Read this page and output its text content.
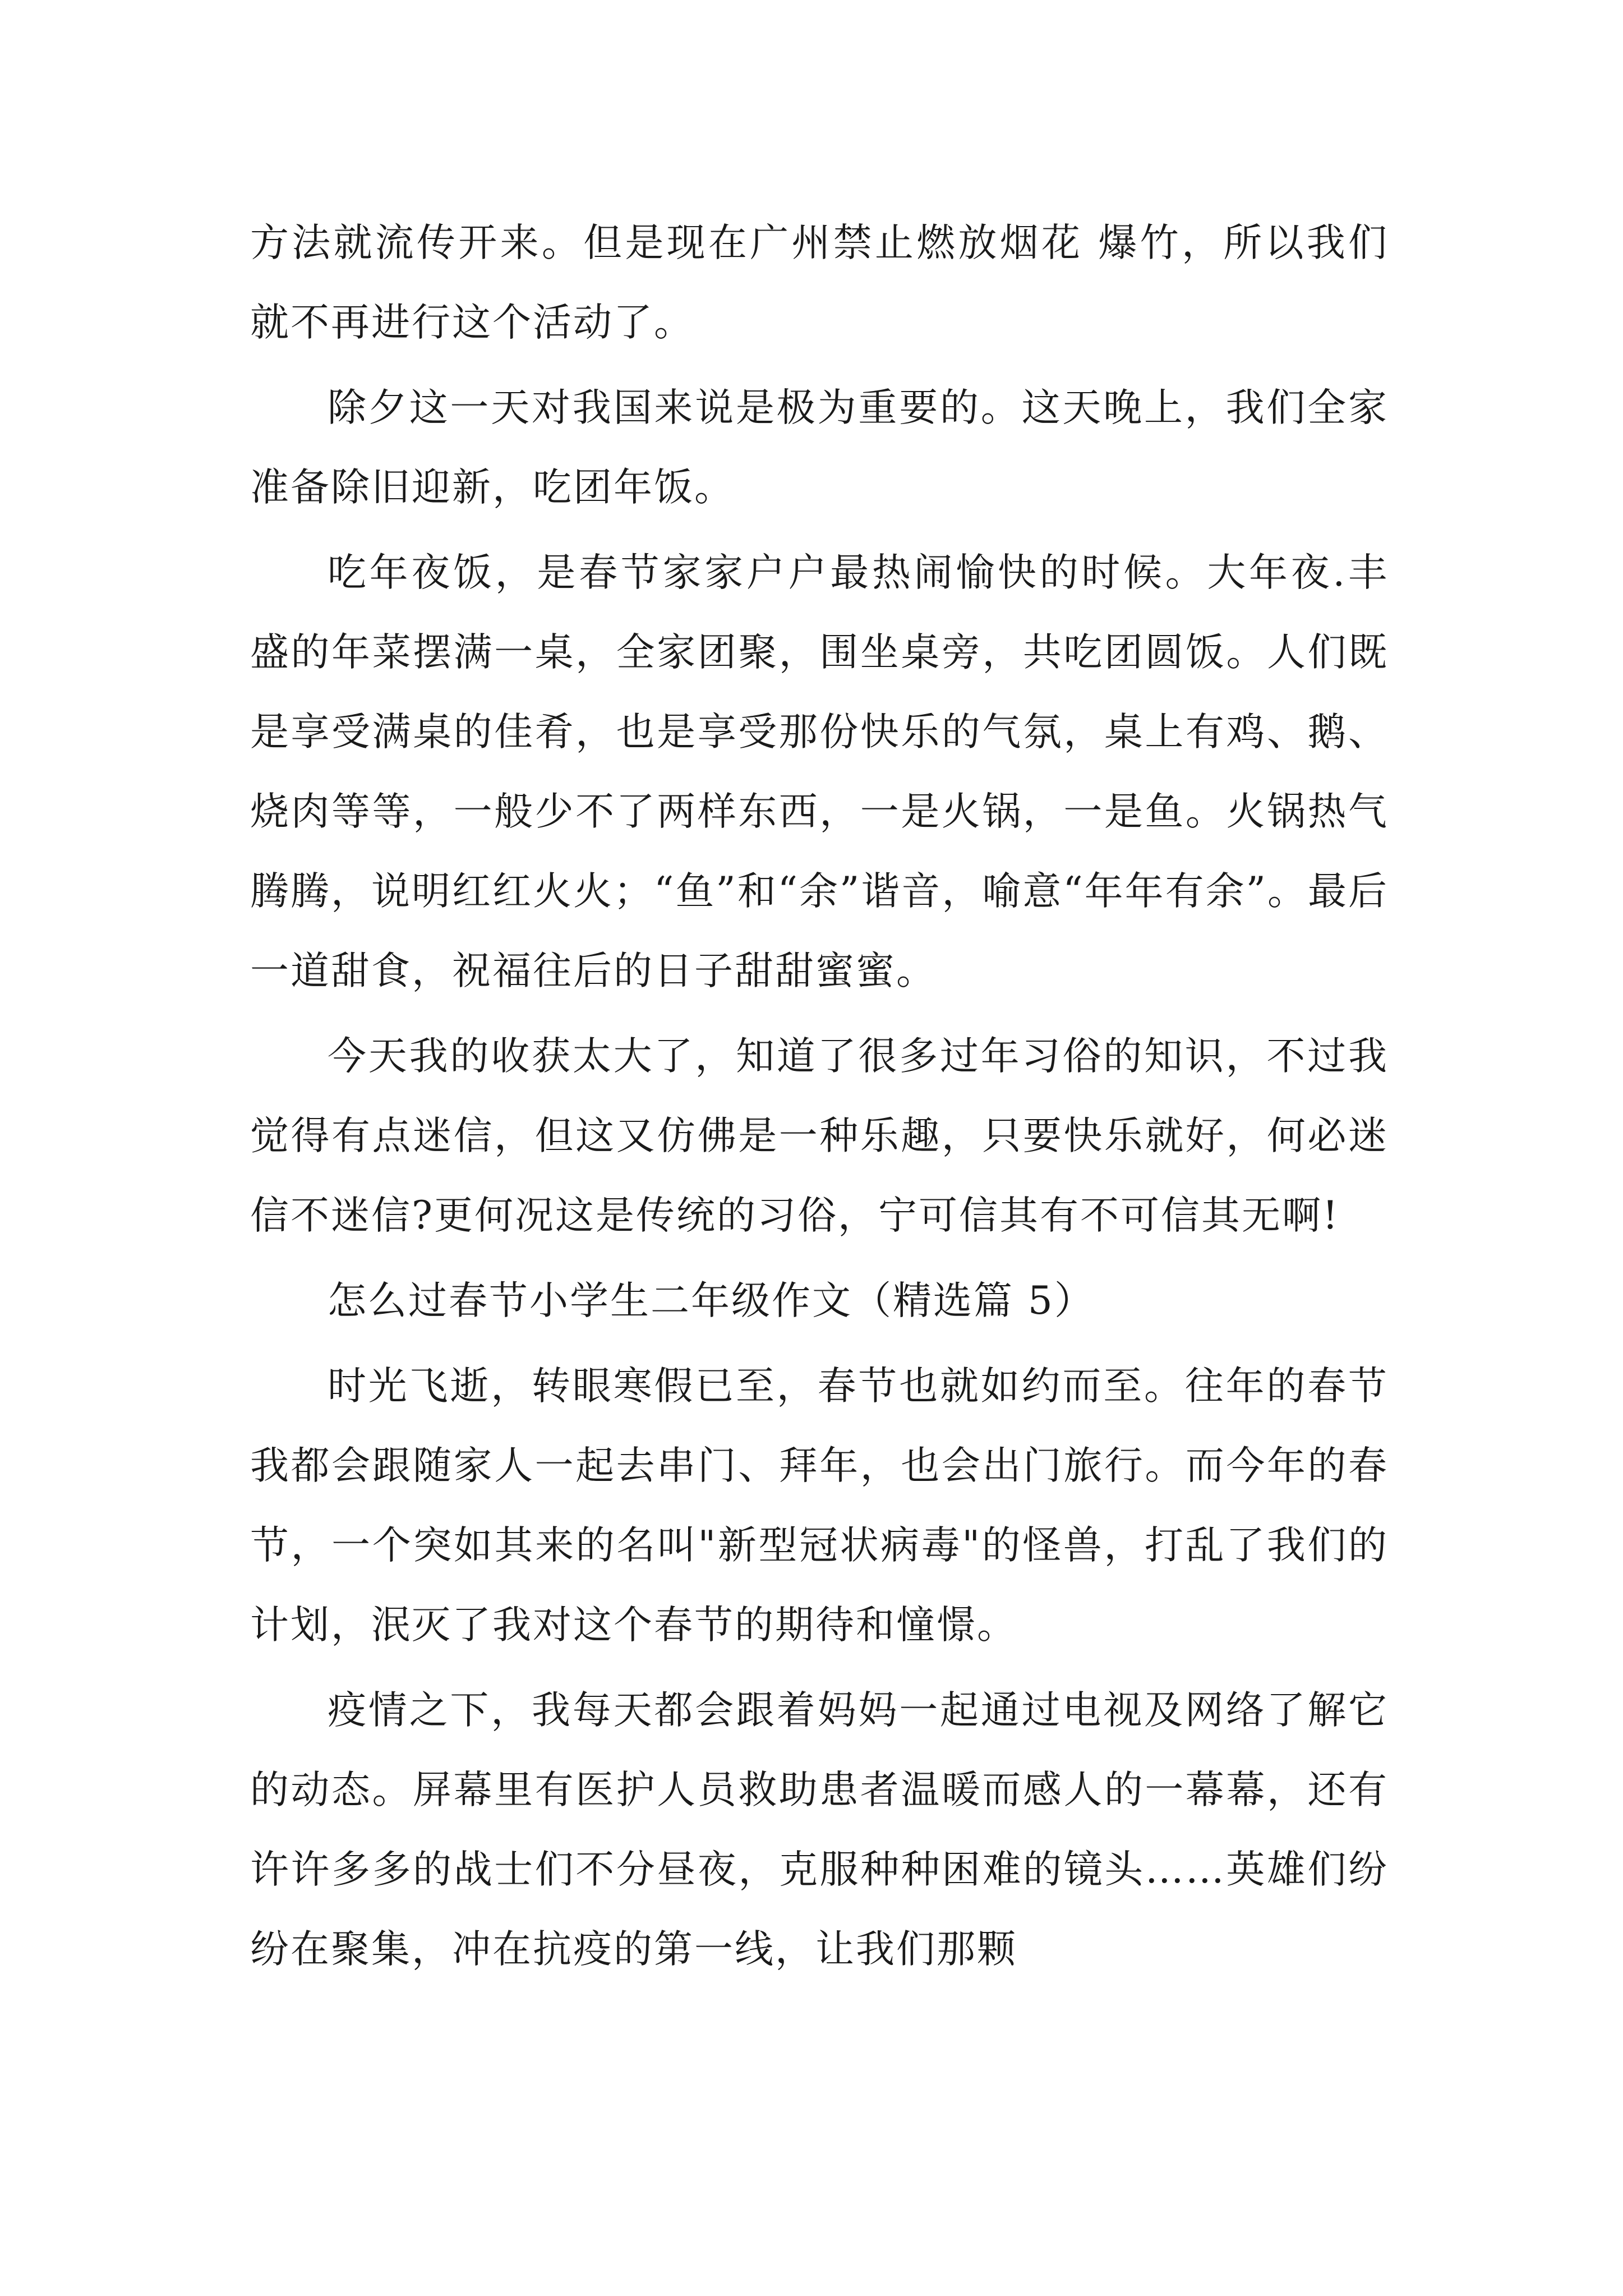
方法就流传开来。但是现在广州禁止燃放烟花 爆竹，所以我们就不再进行这个活动了。

除夕这一天对我国来说是极为重要的。这天晚上，我们全家准备除旧迎新，吃团年饭。

吃年夜饭，是春节家家户户最热闹愉快的时候。大年夜.丰盛的年菜摆满一桌，全家团聚，围坐桌旁，共吃团圆饭。人们既是享受满桌的佳肴，也是享受那份快乐的气氛，桌上有鸡、鹅、烧肉等等，一般少不了两样东西，一是火锅，一是鱼。火锅热气腾腾，说明红红火火；“鱼”和“余”谐音，喻意“年年有余”。最后一道甜食，祝福往后的日子甜甜蜜蜜。

今天我的收获太大了，知道了很多过年习俗的知识，不过我觉得有点迷信，但这又仿佛是一种乐趣，只要快乐就好，何必迷信不迷信?更何况这是传统的习俗，宁可信其有不可信其无啊!

怎么过春节小学生二年级作文（精选篇 5）

时光飞逝，转眼寒假已至，春节也就如约而至。往年的春节我都会跟随家人一起去串门、拜年，也会出门旅行。而今年的春节，一个突如其来的名叫"新型冠状病毒"的怪兽，打乱了我们的计划，泯灭了我对这个春节的期待和憧憬。

疫情之下，我每天都会跟着妈妈一起通过电视及网络了解它的动态。屏幕里有医护人员救助患者温暖而感人的一幕幕，还有许许多多的战士们不分昼夜，克服种种困难的镜头……英雄们纷纷在聚集，冲在抗疫的第一线，让我们那颗
